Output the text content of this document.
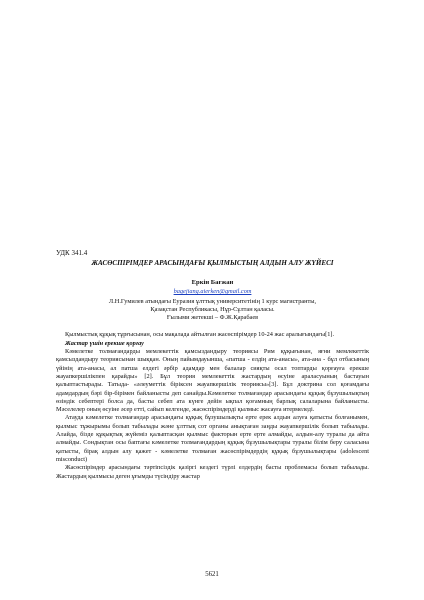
УДК 341.4

ЖАСӨСПІРІМДЕР АРАСЫНДАҒЫ ҚЫЛМЫСТЫҢ АЛДЫН АЛУ ЖҮЙЕСІ

Еркін Бағжан

bagejiang.aierken@gmail.com

Л.Н.Гумилев атындағы Еуразия ұлттық университетінің 1 курс магистранты,
Қазақстан Республикасы, Нұр-Сұлтан қаласы.
Ғылыми жетекші – Ф.Ж.Қарабаев

Қылмыстық құқық тұрғысынан, осы мақалада айтылған жасөспірімдер 10-24 жас аралығындағы[1].

Жастар үшін ерекше қорғау

Кәмелетке толмағандарды мемлекеттік қамсыздандыру теориясы Рим құқығынан, яғни мемлекеттік қамсыздандыру теориясынан шыққан. Оның пайымдауынша, «патша - елдің ата-анасы», ата-ана - бұл отбасының үйінің ата-анасы, ал патша елдегі әрбір адамдар мен балалар сияқты осал топтарды қорғауға ерекше жауапкершілікпен қарайды» [2]. Бұл теория мемлекеттік жастардың өсуіне араласуының бастауын қалыптастырады. Татыда- «әлеуметтік біріксен жауапкершілік теориясы»[3]. Бұл доктрина сол қоғамдағы адамдардың бәрі бір-бірімен байланысты деп санайды.Кәмелетке толмағандар арасындағы құқық бұзушылықтың өзіндік себептері болса да, басты себеп ата күнге дейін ықпал қоғамның барлық салаларына байланысты. Мәселелер оның өсуіне әсер етті, сайып келгенде, жасөспірімдерді қылмыс жасауға итермеледі.

Атауда кәмелетке толмағандар арасындағы құқық бұзушылықты ерте ерек алдын алуға қатысты болғанымен, қылмыс тұжырымы болып табылады және ұлттық сот органы анықтаған заңды жауапкершілік болып табылады. Алайда, бізде құқықтық жүйеміз қалыптасқан қылмыс факторын ерте ерте алмайды, алдын-алу туралы да айта алмайды. Сондықтан осы баптағы кәмелетке толмағандардың құқық бұзушылықтары туралы білім беру саласына қатысты, бірақ алдын алу қажет - кәмелетке толмаған жасөспірімдердің құқық бұзушылықтары (adolescent misconduct)

Жасөспірімдер арасындағы тәртіпсіздік қазіргі кездегі түрлі елдердің басты проблемасы болып табылады. Жастардың қылмысы деген ұғымды түсіндіру жастар

5621
